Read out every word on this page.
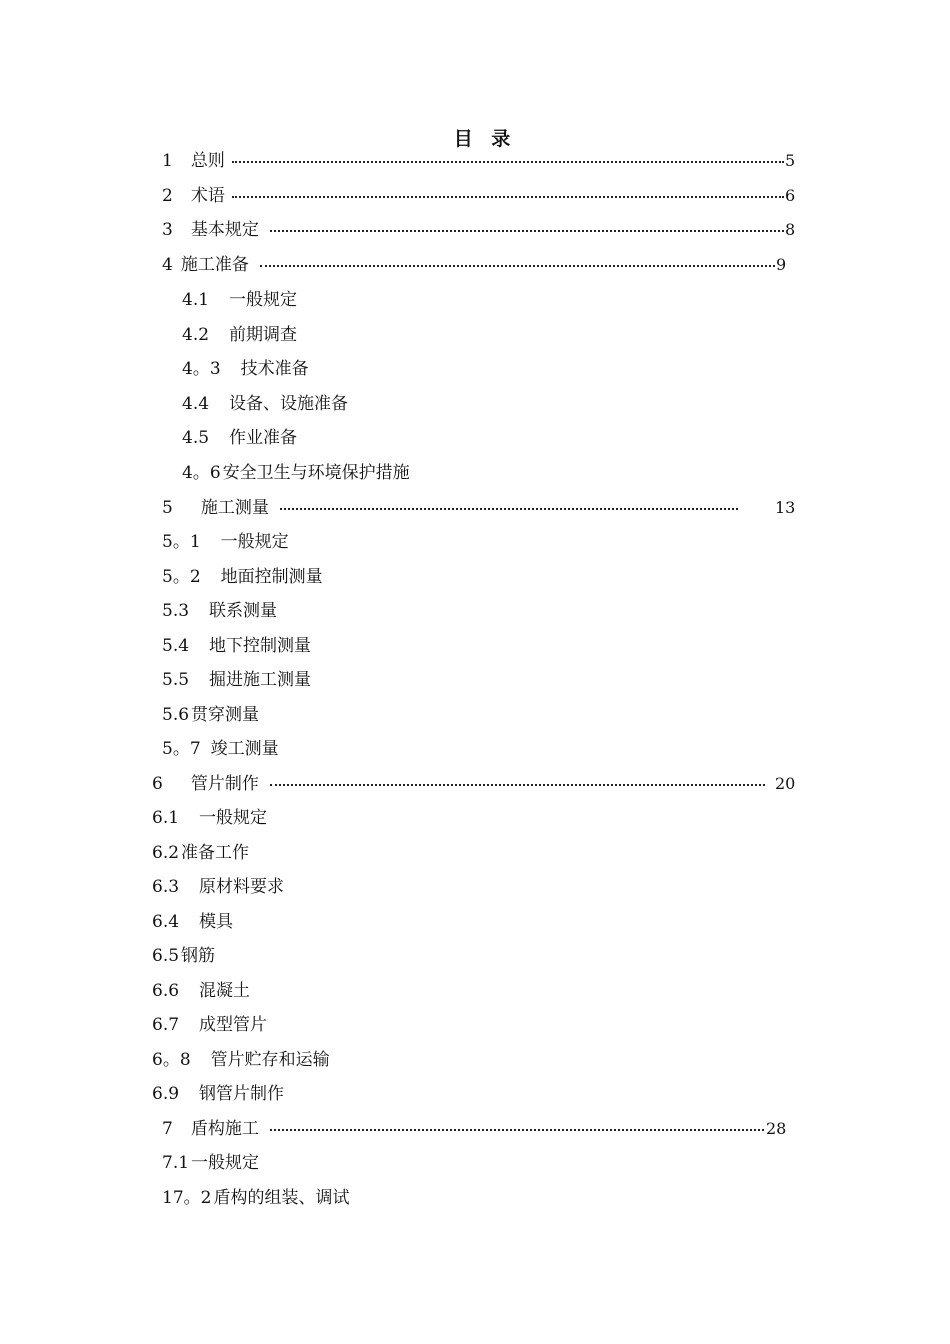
目 录
1 总则	5
2 术语	6
3 基本规定	8
4 施工准备	9
4.1 一般规定
4.2 前期调查
4。3 技术准备
4.4 设备、设施准备
4.5 作业准备
4。6 安全卫生与环境保护措施
5 施工测量	13
5。1 一般规定
5。2 地面控制测量
5.3 联系测量
5.4 地下控制测量
5.5 掘进施工测量
5.6 贯穿测量
5。7 竣工测量
6 管片制作	20
6.1 一般规定
6.2 准备工作
6.3 原材料要求
6.4 模具
6.5 钢筋
6.6 混凝土
6.7 成型管片
6。8 管片贮存和运输
6.9 钢管片制作
7 盾构施工	28
7.1 一般规定
17。2 盾构的组装、调试
